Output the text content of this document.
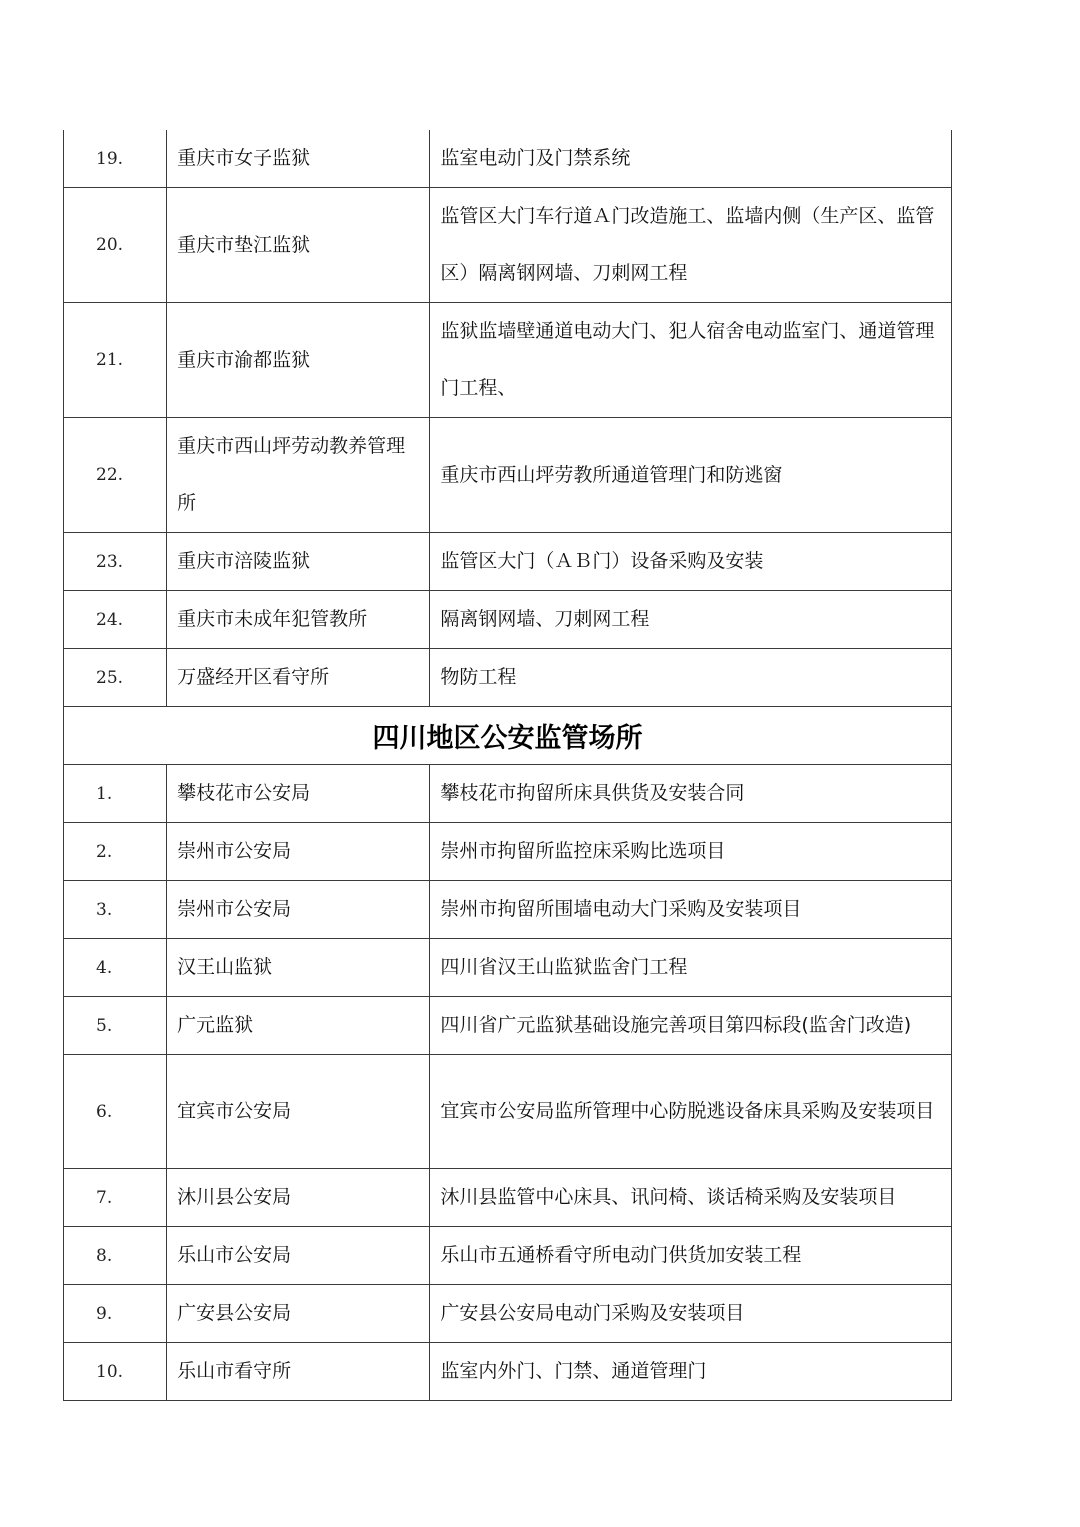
19.	重庆市女子监狱	监室电动门及门禁系统
20.	重庆市垫江监狱	监管区大门车行道Ａ门改造施工、监墙内侧（生产区、监管区）隔离钢网墙、刀刺网工程
21.	重庆市渝都监狱	监狱监墙壁通道电动大门、犯人宿舍电动监室门、通道管理门工程、
22.	重庆市西山坪劳动教养管理所	重庆市西山坪劳教所通道管理门和防逃窗
23.	重庆市涪陵监狱	监管区大门（ＡＢ门）设备采购及安装
24.	重庆市未成年犯管教所	隔离钢网墙、刀刺网工程
25.	万盛经开区看守所	物防工程
四川地区公安监管场所		
1.	攀枝花市公安局	攀枝花市拘留所床具供货及安装合同
2.	崇州市公安局	崇州市拘留所监控床采购比选项目
3.	崇州市公安局	崇州市拘留所围墙电动大门采购及安装项目
4.	汉王山监狱	四川省汉王山监狱监舍门工程
5.	广元监狱	四川省广元监狱基础设施完善项目第四标段(监舍门改造)
6.	宜宾市公安局	宜宾市公安局监所管理中心防脱逃设备床具采购及安装项目
7.	沐川县公安局	沐川县监管中心床具、讯问椅、谈话椅采购及安装项目
8.	乐山市公安局	乐山市五通桥看守所电动门供货加安装工程
9.	广安县公安局	广安县公安局电动门采购及安装项目
10.	乐山市看守所	监室内外门、门禁、通道管理门
